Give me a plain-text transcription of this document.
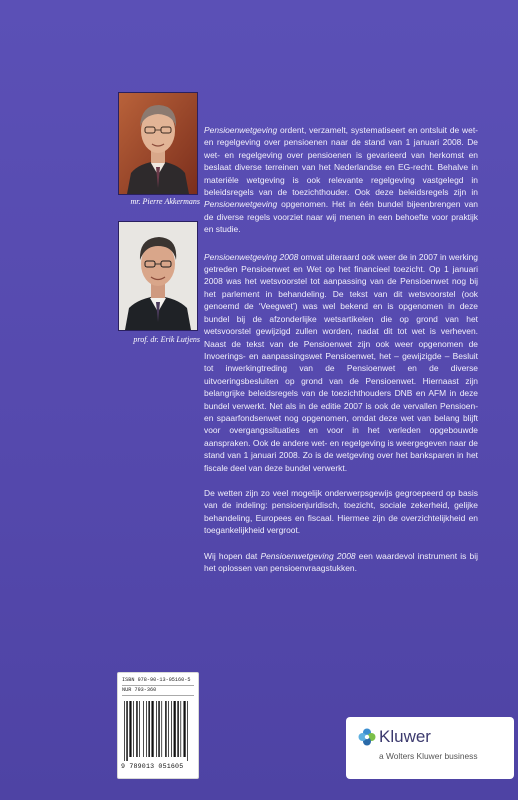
mr. Pierre Akkermans
prof. dr. Erik Lutjens

Pensioenwetgeving ordent, verzamelt, systematiseert en ontsluit de wet- en regelgeving over pensioenen naar de stand van 1 januari 2008. De wet- en regelgeving over pensioenen is gevarieerd van herkomst en beslaat diverse terreinen van het Nederlandse en EG-recht. Behalve in materiële wetgeving is ook relevante regelgeving vastgelegd in beleidsregels van de toezichthouder. Ook deze beleidsregels zijn in Pensioenwetgeving opgenomen. Het in één bundel bijeenbrengen van de diverse regels voorziet naar wij menen in een behoefte voor praktijk en studie.

Pensioenwetgeving 2008 omvat uiteraard ook weer de in 2007 in werking getreden Pensioenwet en Wet op het financieel toezicht. Op 1 januari 2008 was het wetsvoorstel tot aanpassing van de Pensioenwet nog bij het parlement in behandeling. De tekst van dit wetsvoorstel (ook genoemd de ‘Veegwet’) was wel bekend en is opgenomen in deze bundel bij de afzonderlijke wetsartikelen die op grond van het wetsvoorstel gewijzigd zullen worden, nadat dit tot wet is verheven. Naast de tekst van de Pensioenwet zijn ook weer opgenomen de Invoerings- en aanpassingswet Pensioenwet, het – gewijzigde – Besluit tot inwerkingtreding van de Pensioenwet en de diverse uitvoeringsbesluiten op grond van de Pensioenwet. Hiernaast zijn belangrijke beleidsregels van de toezichthouders DNB en AFM in deze bundel verwerkt. Net als in de editie 2007 is ook de vervallen Pensioen- en spaarfondsenwet nog opgenomen, omdat deze wet van belang blijft voor overgangssituaties en voor in het verleden opgebouwde aanspraken. Ook de andere wet- en regelgeving is weergegeven naar de stand van 1 januari 2008. Zo is de wetgeving over het banksparen in het fiscale deel van deze bundel verwerkt.

De wetten zijn zo veel mogelijk onderwerpsgewijs gegroepeerd op basis van de indeling: pensioenjuridisch, toezicht, sociale zekerheid, gelijke behandeling, Europees en fiscaal. Hiermee zijn de overzichtelijkheid en toegankelijkheid vergroot.

Wij hopen dat Pensioenwetgeving 2008 een waardevol instrument is bij het oplossen van pensioenvraagstukken.

ISBN 978-90-13-05160-5
NUR 793-360
9 789013 051605
Kluwer
a Wolters Kluwer business
